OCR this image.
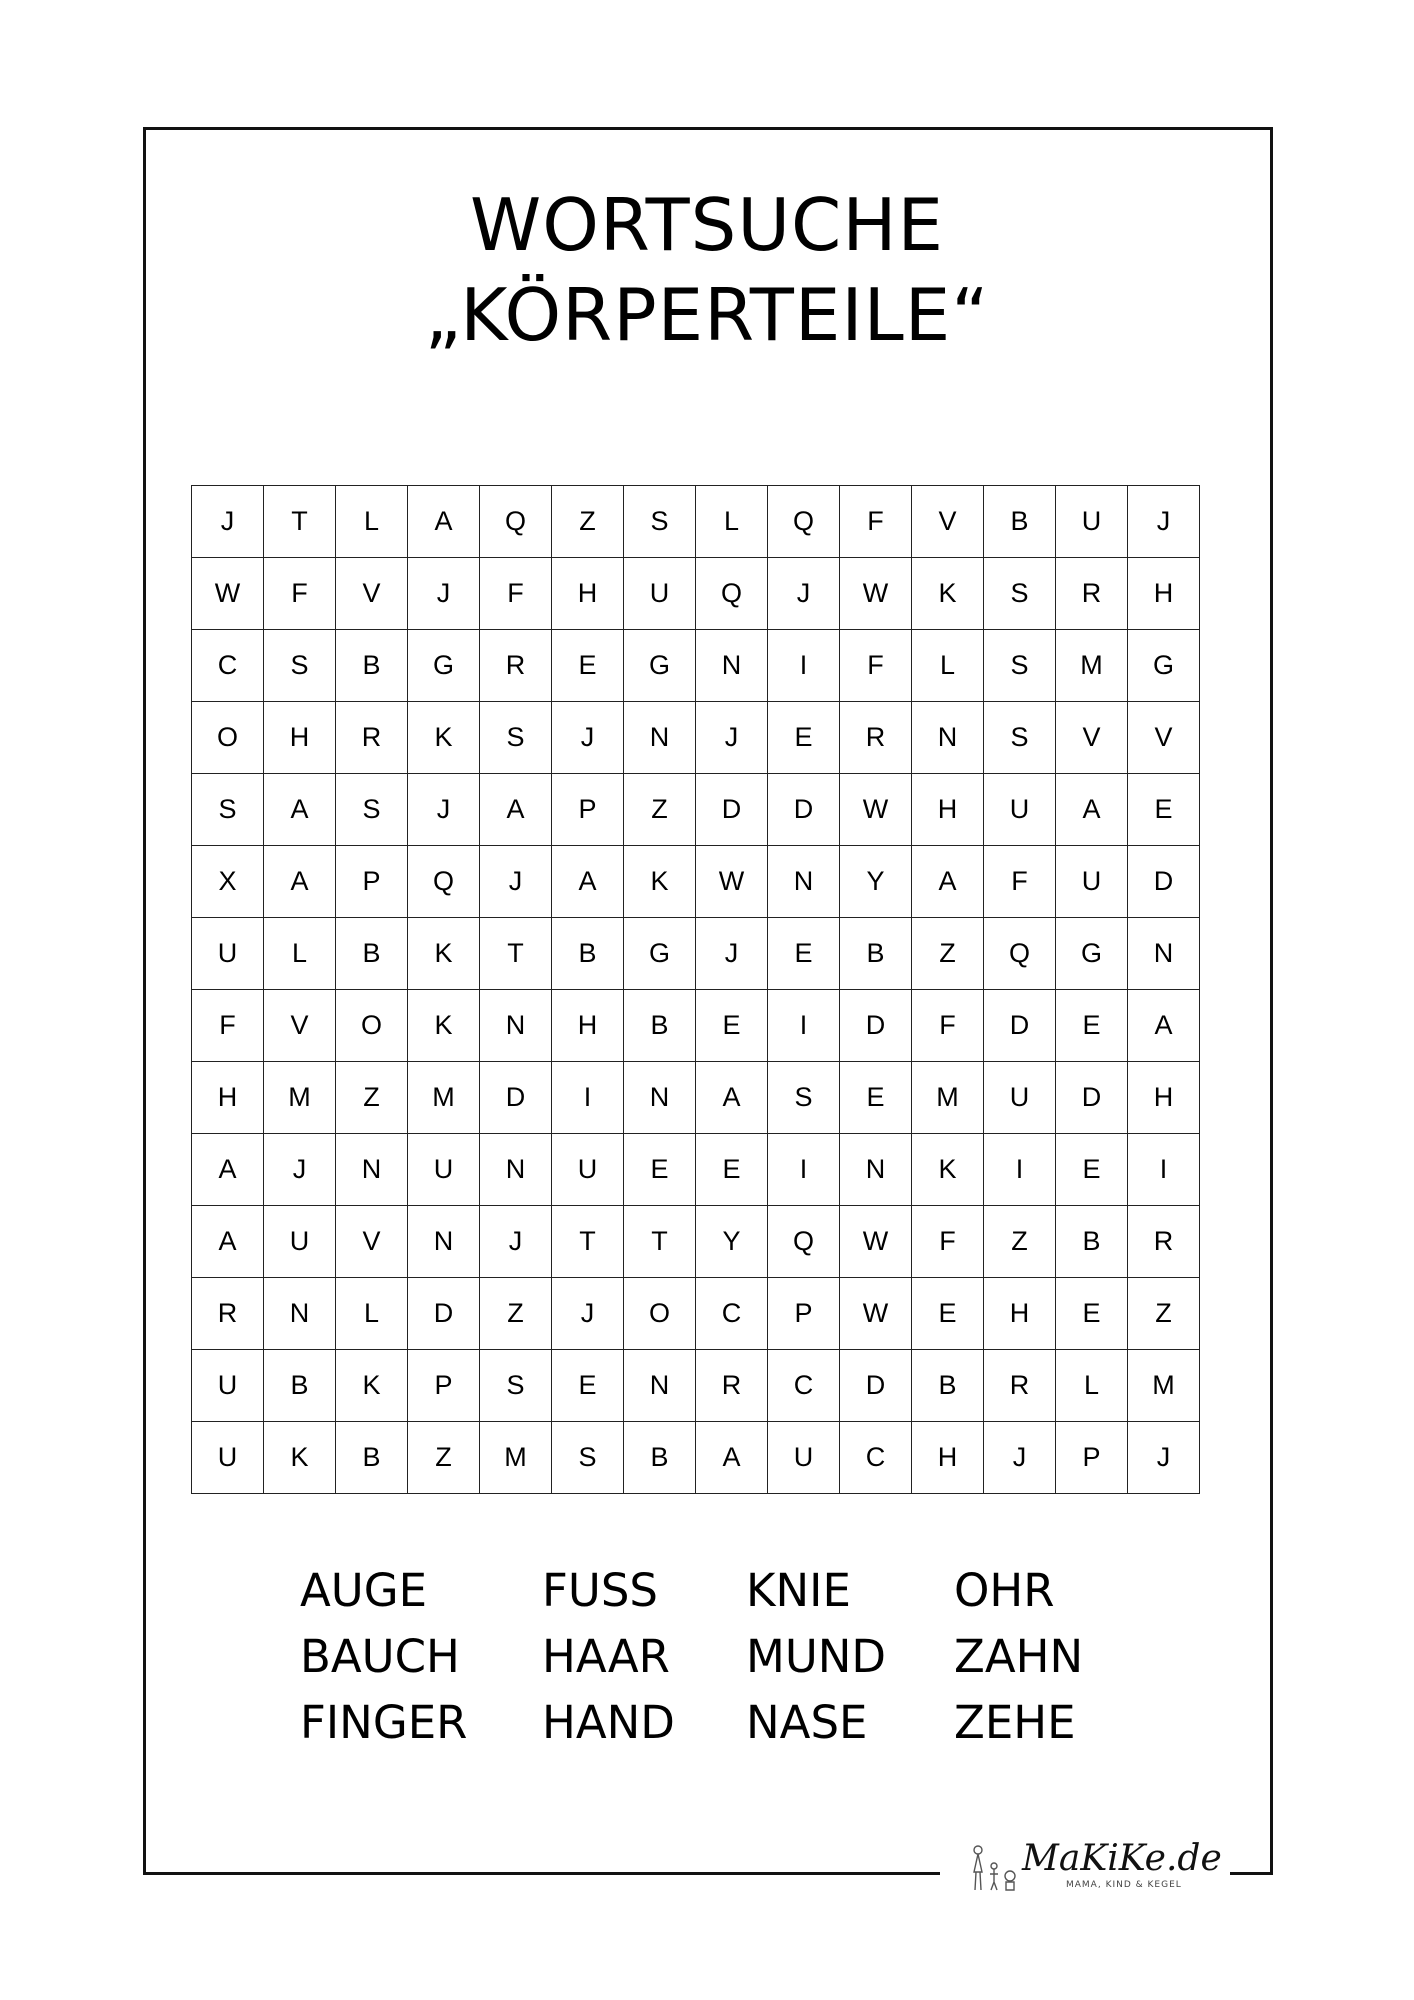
WORTSUCHE
„KÖRPERTEILE“
J	T	L	A	Q	Z	S	L	Q	F	V	B	U	J
W	F	V	J	F	H	U	Q	J	W	K	S	R	H
C	S	B	G	R	E	G	N	I	F	L	S	M	G
O	H	R	K	S	J	N	J	E	R	N	S	V	V
S	A	S	J	A	P	Z	D	D	W	H	U	A	E
X	A	P	Q	J	A	K	W	N	Y	A	F	U	D
U	L	B	K	T	B	G	J	E	B	Z	Q	G	N
F	V	O	K	N	H	B	E	I	D	F	D	E	A
H	M	Z	M	D	I	N	A	S	E	M	U	D	H
A	J	N	U	N	U	E	E	I	N	K	I	E	I
A	U	V	N	J	T	T	Y	Q	W	F	Z	B	R
R	N	L	D	Z	J	O	C	P	W	E	H	E	Z
U	B	K	P	S	E	N	R	C	D	B	R	L	M
U	K	B	Z	M	S	B	A	U	C	H	J	P	J
AUGE	FUSS	KNIE	OHR
BAUCH	HAAR	MUND	ZAHN
FINGER	HAND	NASE	ZEHE
MaKiKe.de
MAMA, KIND & KEGEL
